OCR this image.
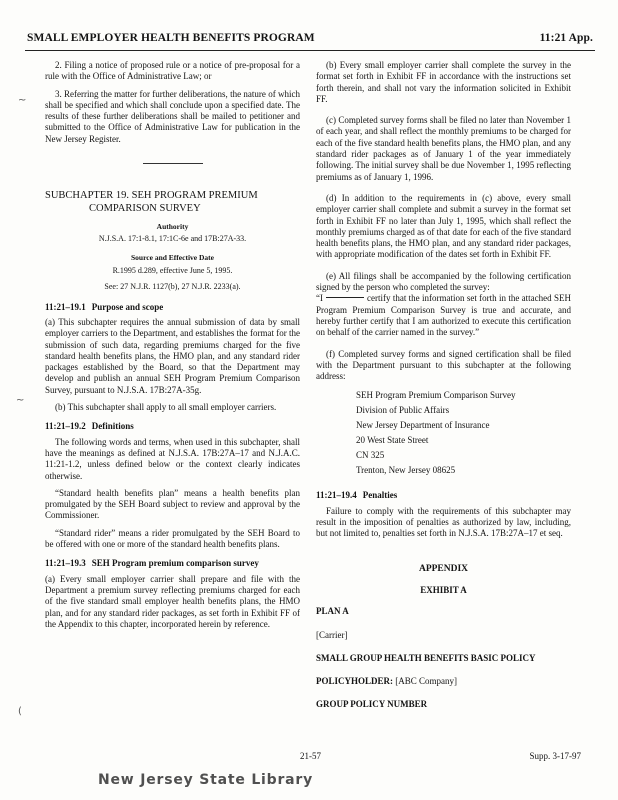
SMALL EMPLOYER HEALTH BENEFITS PROGRAM	11:21 App.
~
~
(

2. Filing a notice of proposed rule or a notice of pre-proposal for a rule with the Office of Administrative Law; or

3. Referring the matter for further deliberations, the nature of which shall be specified and which shall conclude upon a specified date. The results of these further deliberations shall be mailed to petitioner and submitted to the Office of Administrative Law for publication in the New Jersey Register.

SUBCHAPTER 19. SEH PROGRAM PREMIUM
COMPARISON SURVEY
Authority

N.J.S.A. 17:1-8.1, 17:1C-6e and 17B:27A-33.

Source and Effective Date

R.1995 d.289, effective June 5, 1995.

See: 27 N.J.R. 1127(b), 27 N.J.R. 2233(a).

11:21–19.1 Purpose and scope

(a) This subchapter requires the annual submission of data by small employer carriers to the Department, and establishes the format for the submission of such data, regarding premiums charged for the five standard health benefits plans, the HMO plan, and any standard rider packages established by the Board, so that the Department may develop and publish an annual SEH Program Premium Comparison Survey, pursuant to N.J.S.A. 17B:27A-35g.

(b) This subchapter shall apply to all small employer carriers.

11:21–19.2 Definitions

The following words and terms, when used in this subchapter, shall have the meanings as defined at N.J.S.A. 17B:27A–17 and N.J.A.C. 11:21-1.2, unless defined below or the context clearly indicates otherwise.

“Standard health benefits plan” means a health benefits plan promulgated by the SEH Board subject to review and approval by the Commissioner.

“Standard rider” means a rider promulgated by the SEH Board to be offered with one or more of the standard health benefits plans.

11:21–19.3 SEH Program premium comparison survey

(a) Every small employer carrier shall prepare and file with the Department a premium survey reflecting premiums charged for each of the five standard small employer health benefits plans, the HMO plan, and for any standard rider packages, as set forth in Exhibit FF of the Appendix to this chapter, incorporated herein by reference.

(b) Every small employer carrier shall complete the survey in the format set forth in Exhibit FF in accordance with the instructions set forth therein, and shall not vary the information solicited in Exhibit FF.

(c) Completed survey forms shall be filed no later than November 1 of each year, and shall reflect the monthly premiums to be charged for each of the five standard health benefits plans, the HMO plan, and any standard rider packages as of January 1 of the year immediately following. The initial survey shall be due November 1, 1995 reflecting premiums as of January 1, 1996.

(d) In addition to the requirements in (c) above, every small employer carrier shall complete and submit a survey in the format set forth in Exhibit FF no later than July 1, 1995, which shall reflect the monthly premiums charged as of that date for each of the five standard health benefits plans, the HMO plan, and any standard rider packages, with appropriate modification of the dates set forth in Exhibit FF.

(e) All filings shall be accompanied by the following certification signed by the person who completed the survey:

“I	certify that the information set forth in the attached SEH Program Premium Comparison Survey is true and accurate, and hereby further certify that I am authorized to execute this certification on behalf of the carrier named in the survey.”

(f) Completed survey forms and signed certification shall be filed with the Department pursuant to this subchapter at the following address:

SEH Program Premium Comparison Survey
Division of Public Affairs
New Jersey Department of Insurance
20 West State Street
CN 325
Trenton, New Jersey 08625
11:21–19.4 Penalties

Failure to comply with the requirements of this subchapter may result in the imposition of penalties as authorized by law, including, but not limited to, penalties set forth in N.J.S.A. 17B:27A–17 et seq.

APPENDIX
EXHIBIT A
PLAN A
[Carrier]
SMALL GROUP HEALTH BENEFITS BASIC POLICY
POLICYHOLDER: [ABC Company]
GROUP POLICY NUMBER
21-57	Supp. 3-17-97
New Jersey State Library
